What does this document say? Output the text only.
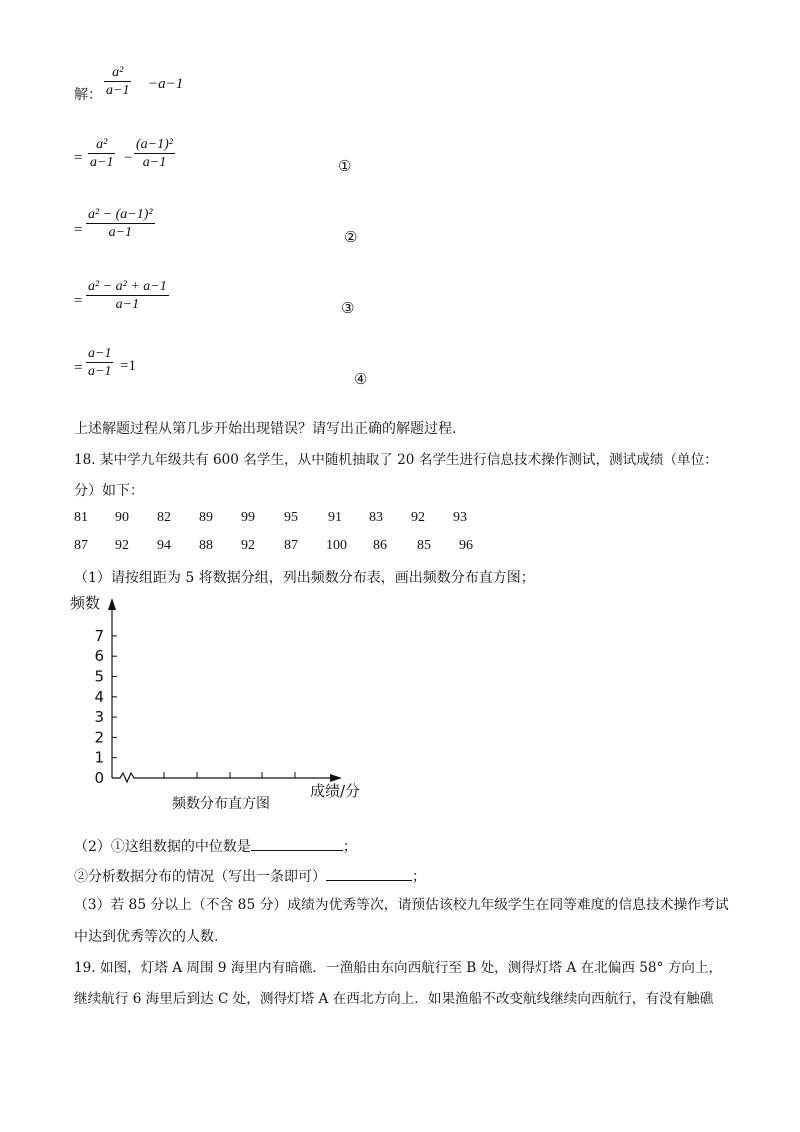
解：
a²
a−1 −a−1
=
a²
a−1 −
(a−1)²
a−1	①
=
a² − (a−1)²
a−1	②
=
a² − a² + a−1
a−1	③
=
a−1
a−1 =1
④
上述解题过程从第几步开始出现错误？请写出正确的解题过程.
18. 某中学九年级共有 600 名学生，从中随机抽取了 20 名学生进行信息技术操作测试，测试成绩（单位：
分）如下：
81 90 82 89 99 95 91 83 92 93
87 92 94 88 92 87 100 86 85 96
（1）请按组距为 5 将数据分组，列出频数分布表，画出频数分布直方图；
0
1
2
3
4
5
6
7
频数
成绩/分
频数分布直方图
（2）①这组数据的中位数是	；
②分析数据分布的情况（写出一条即可）	；
（3）若 85 分以上（不含 85 分）成绩为优秀等次，请预估该校九年级学生在同等难度的信息技术操作考试
中达到优秀等次的人数.
19. 如图，灯塔 A 周围 9 海里内有暗礁．一渔船由东向西航行至 B 处，测得灯塔 A 在北偏西 58° 方向上，
继续航行 6 海里后到达 C 处，测得灯塔 A 在西北方向上．如果渔船不改变航线继续向西航行，有没有触礁
